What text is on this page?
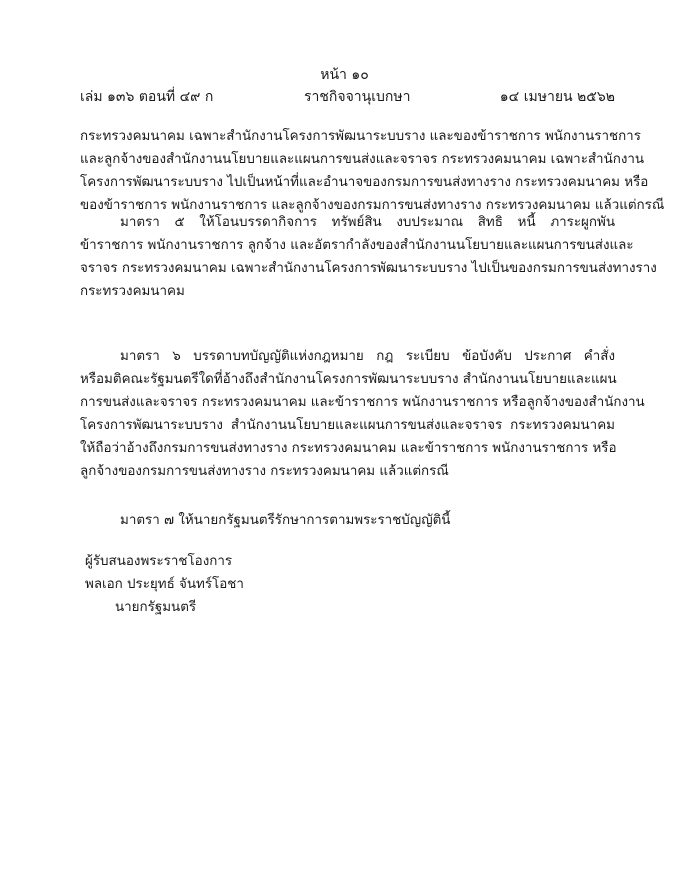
หน้า ๑๐
เล่ม ๑๓๖ ตอนที่ ๔๙ ก	ราชกิจจานุเบกษา	๑๔ เมษายน ๒๕๖๒
กระทรวงคมนาคม เฉพาะสำนักงานโครงการพัฒนาระบบราง และของข้าราชการ พนักงานราชการ
และลูกจ้างของสำนักงานนโยบายและแผนการขนส่งและจราจร กระทรวงคมนาคม เฉพาะสำนักงาน
โครงการพัฒนาระบบราง ไปเป็นหน้าที่และอำนาจของกรมการขนส่งทางราง กระทรวงคมนาคม หรือ
ของข้าราชการ พนักงานราชการ และลูกจ้างของกรมการขนส่งทางราง กระทรวงคมนาคม แล้วแต่กรณี
มาตรา ๕ ให้โอนบรรดากิจการ ทรัพย์สิน งบประมาณ สิทธิ หนี้ ภาระผูกพัน
ข้าราชการ พนักงานราชการ ลูกจ้าง และอัตรากำลังของสำนักงานนโยบายและแผนการขนส่งและ
จราจร กระทรวงคมนาคม เฉพาะสำนักงานโครงการพัฒนาระบบราง ไปเป็นของกรมการขนส่งทางราง
กระทรวงคมนาคม
มาตรา ๖ บรรดาบทบัญญัติแห่งกฎหมาย กฎ ระเบียบ ข้อบังคับ ประกาศ คำสั่ง
หรือมติคณะรัฐมนตรีใดที่อ้างถึงสำนักงานโครงการพัฒนาระบบราง สำนักงานนโยบายและแผน
การขนส่งและจราจร กระทรวงคมนาคม และข้าราชการ พนักงานราชการ หรือลูกจ้างของสำนักงาน
โครงการพัฒนาระบบราง สำนักงานนโยบายและแผนการขนส่งและจราจร กระทรวงคมนาคม
ให้ถือว่าอ้างถึงกรมการขนส่งทางราง กระทรวงคมนาคม และข้าราชการ พนักงานราชการ หรือ
ลูกจ้างของกรมการขนส่งทางราง กระทรวงคมนาคม แล้วแต่กรณี
มาตรา ๗ ให้นายกรัฐมนตรีรักษาการตามพระราชบัญญัตินี้
ผู้รับสนองพระราชโองการ
พลเอก ประยุทธ์ จันทร์โอชา
นายกรัฐมนตรี
